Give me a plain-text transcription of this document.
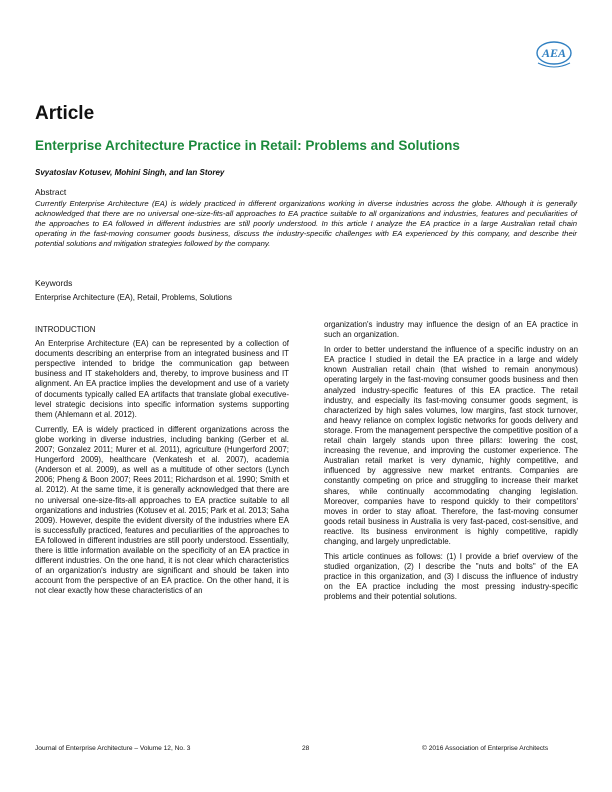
AEA
Article
Enterprise Architecture Practice in Retail: Problems and Solutions
Svyatoslav Kotusev, Mohini Singh, and Ian Storey
Abstract
Currently Enterprise Architecture (EA) is widely practiced in different organizations working in diverse industries across the globe. Although it is generally acknowledged that there are no universal one-size-fits-all approaches to EA practice suitable to all organizations and industries, features and peculiarities of the approaches to EA followed in different industries are still poorly understood. In this article I analyze the EA practice in a large Australian retail chain operating in the fast-moving consumer goods business, discuss the industry-specific challenges with EA experienced by this company, and describe their potential solutions and mitigation strategies followed by the company.
Keywords
Enterprise Architecture (EA), Retail, Problems, Solutions

INTRODUCTION

An Enterprise Architecture (EA) can be represented by a collection of documents describing an enterprise from an integrated business and IT perspective intended to bridge the communication gap between business and IT stakeholders and, thereby, to improve business and IT alignment. An EA practice implies the development and use of a variety of documents typically called EA artifacts that translate global executive-level strategic decisions into specific information systems supporting them (Ahlemann et al. 2012).

Currently, EA is widely practiced in different organizations across the globe working in diverse industries, including banking (Gerber et al. 2007; Gonzalez 2011; Murer et al. 2011), agriculture (Hungerford 2007; Hungerford 2009), healthcare (Venkatesh et al. 2007), academia (Anderson et al. 2009), as well as a multitude of other sectors (Lynch 2006; Pheng & Boon 2007; Rees 2011; Richardson et al. 1990; Smith et al. 2012). At the same time, it is generally acknowledged that there are no universal one-size-fits-all approaches to EA practice suitable to all organizations and industries (Kotusev et al. 2015; Park et al. 2013; Saha 2009). However, despite the evident diversity of the industries where EA is successfully practiced, features and peculiarities of the approaches to EA followed in different industries are still poorly understood. Essentially, there is little information available on the specificity of an EA practice in different industries. On the one hand, it is not clear which characteristics of an organization's industry are significant and should be taken into account from the perspective of an EA practice. On the other hand, it is not clear exactly how these characteristics of an

organization's industry may influence the design of an EA practice in such an organization.

In order to better understand the influence of a specific industry on an EA practice I studied in detail the EA practice in a large and widely known Australian retail chain (that wished to remain anonymous) operating largely in the fast-moving consumer goods business and then analyzed industry-specific features of this EA practice. The retail industry, and especially its fast-moving consumer goods segment, is characterized by high sales volumes, low margins, fast stock turnover, and heavy reliance on complex logistic networks for goods delivery and storage. From the management perspective the competitive position of a retail chain largely stands upon three pillars: lowering the cost, increasing the revenue, and improving the customer experience. The Australian retail market is very dynamic, highly competitive, and influenced by aggressive new market entrants. Companies are constantly competing on price and struggling to increase their market shares, while continually accommodating changing legislation. Moreover, companies have to respond quickly to their competitors' moves in order to stay afloat. Therefore, the fast-moving consumer goods retail business in Australia is very fast-paced, cost-sensitive, and reactive. Its business environment is highly competitive, rapidly changing, and largely unpredictable.

This article continues as follows: (1) I provide a brief overview of the studied organization, (2) I describe the "nuts and bolts" of the EA practice in this organization, and (3) I discuss the influence of industry on the EA practice including the most pressing industry-specific problems and their potential solutions.

Journal of Enterprise Architecture – Volume 12, No. 3	28	© 2016 Association of Enterprise Architects
